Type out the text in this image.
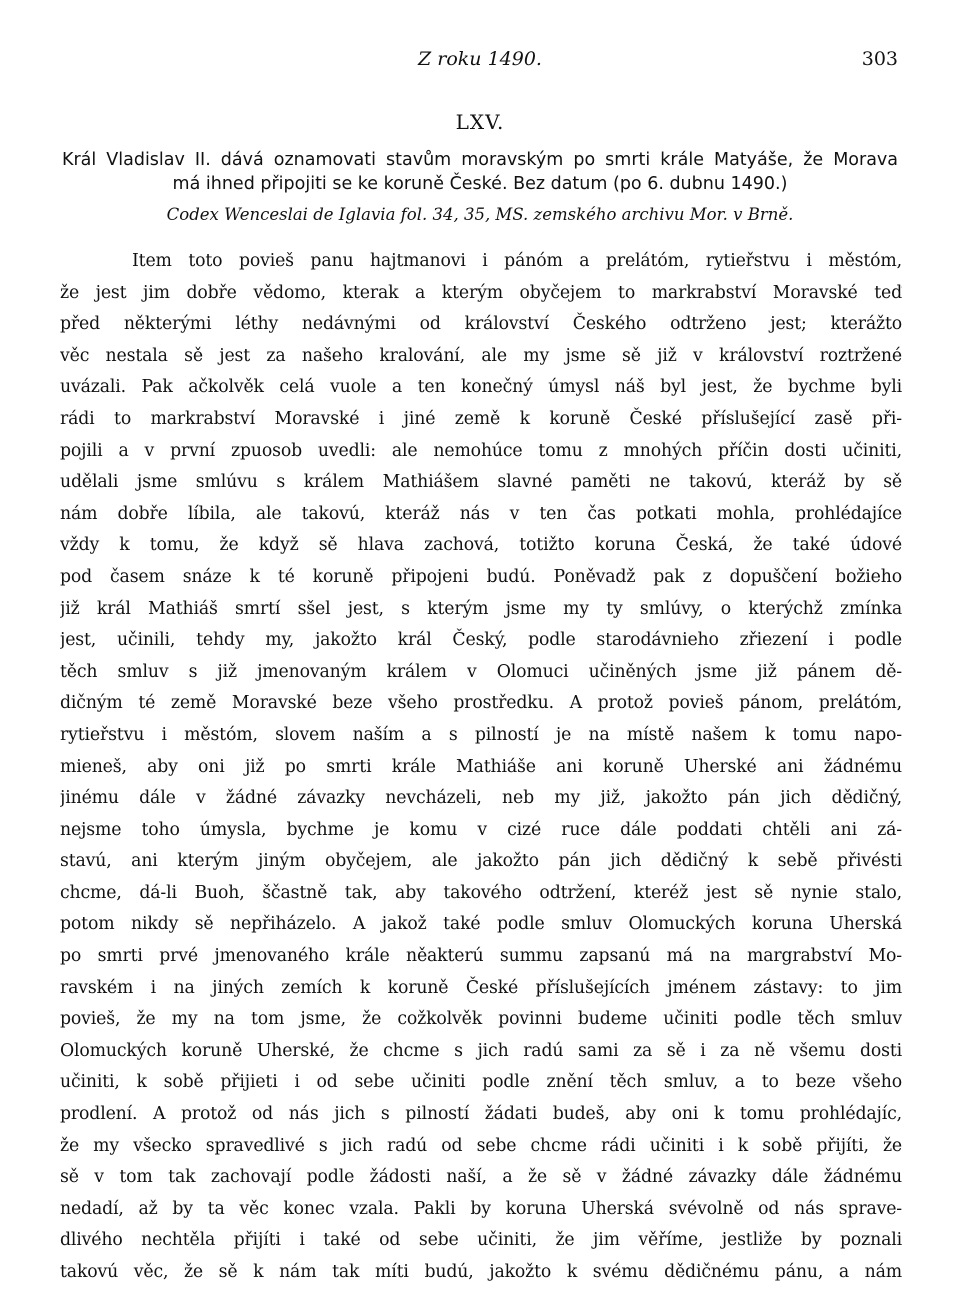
Z roku 1490.	303
LXV.
Král Vladislav II. dává oznamovati stavům moravským po smrti krále Matyáše, že Morava
má ihned připojiti se ke koruně České. Bez datum (po 6. dubnu 1490.)
Codex Wenceslai de Iglavia fol. 34, 35, MS. zemského archivu Mor. v Brně.
Item toto povieš panu hajtmanovi i pánóm a prelátóm, rytieřstvu i městóm,
že jest jim dobře vědomo, kterak a kterým obyčejem to markrabství Moravské teď
před některými léthy nedávnými od království Českého odtrženo jest; kterážto
věc nestala sě jest za našeho kralování, ale my jsme sě již v království roztržené
uvázali. Pak ačkolvěk celá vuole a ten konečný úmysl náš byl jest, že bychme byli
rádi to markrabství Moravské i jiné země k koruně České příslušející zasě při-
pojili a v první zpuosob uvedli: ale nemohúce tomu z mnohých příčin dosti učiniti,
udělali jsme smlúvu s králem Mathiášem slavné paměti ne takovú, kteráž by sě
nám dobře líbila, ale takovú, kteráž nás v ten čas potkati mohla, prohlédajíce
vždy k tomu, že když sě hlava zachová, totižto koruna Česká, že také údové
pod časem snáze k té koruně připojeni budú. Poněvadž pak z dopuščení božieho
již král Mathiáš smrtí sšel jest, s kterým jsme my ty smlúvy, o kterýchž zmínka
jest, učinili, tehdy my, jakožto král Český, podle starodávnieho zřiezení i podle
těch smluv s již jmenovaným králem v Olomuci učiněných jsme již pánem dě-
dičným té země Moravské beze všeho prostředku. A protož povieš pánom, prelátóm,
rytieřstvu i městóm, slovem naším a s pilností je na místě našem k tomu napo-
mieneš, aby oni již po smrti krále Mathiáše ani koruně Uherské ani žádnému
jinému dále v žádné závazky nevcházeli, neb my již, jakožto pán jich dědičný,
nejsme toho úmysla, bychme je komu v cizé ruce dále poddati chtěli ani zá-
stavú, ani kterým jiným obyčejem, ale jakožto pán jich dědičný k sebě přivésti
chcme, dá-li Buoh, ščastně tak, aby takového odtržení, kteréž jest sě nynie stalo,
potom nikdy sě nepřiházelo. A jakož také podle smluv Olomuckých koruna Uherská
po smrti prvé jmenovaného krále něakterú summu zapsanú má na margrabství Mo-
ravském i na jiných zemích k koruně České příslušejících jménem zástavy: to jim
povieš, že my na tom jsme, že cožkolvěk povinni budeme učiniti podle těch smluv
Olomuckých koruně Uherské, že chcme s jich radú sami za sě i za ně všemu dosti
učiniti, k sobě přijieti i od sebe učiniti podle znění těch smluv, a to beze všeho
prodlení. A protož od nás jich s pilností žádati budeš, aby oni k tomu prohlédajíc,
že my všecko spravedlivé s jich radú od sebe chcme rádi učiniti i k sobě přijíti, že
sě v tom tak zachovají podle žádosti naší, a že sě v žádné závazky dále žádnému
nedadí, až by ta věc konec vzala. Pakli by koruna Uherská svévolně od nás sprave-
dlivého nechtěla přijíti i také od sebe učiniti, že jim věříme, jestliže by poznali
takovú věc, že sě k nám tak míti budú, jakožto k svému dědičnému pánu, a nám
